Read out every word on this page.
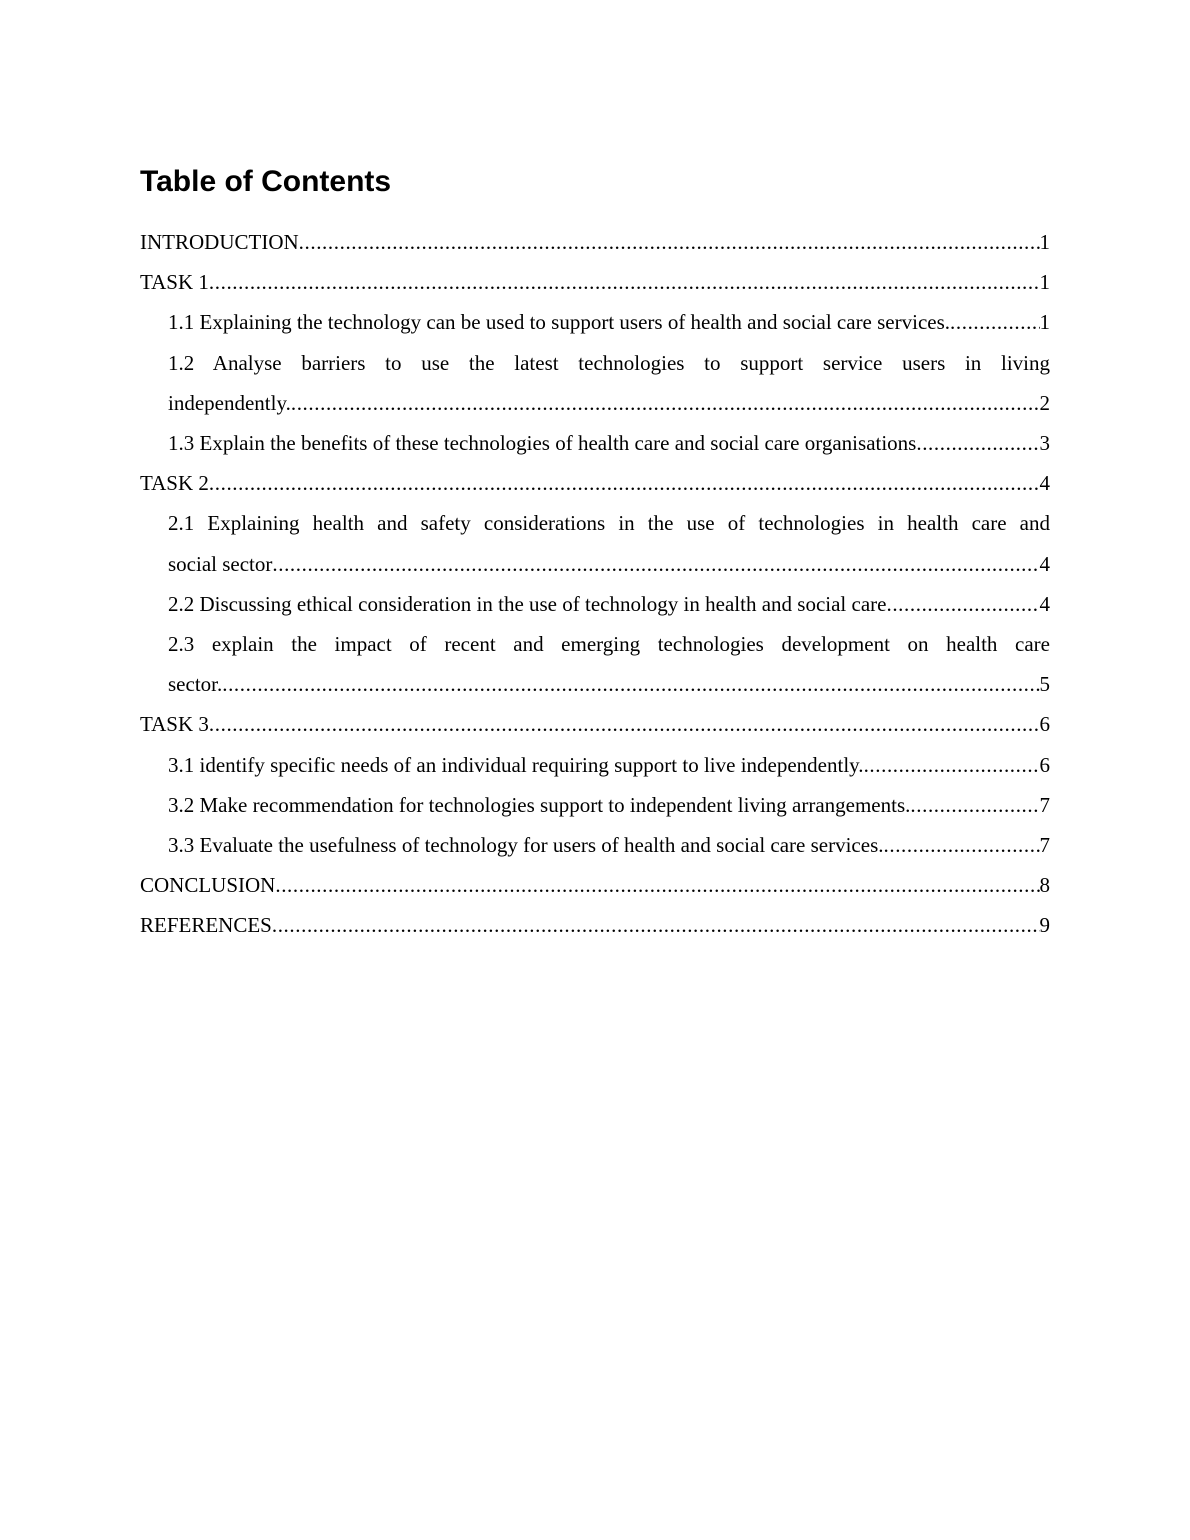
Table of Contents
INTRODUCTION .....	1
TASK 1 .....	1
1.1 Explaining the technology can be used to support users of health and social care services. .....	1
1.2 Analyse barriers to use the latest technologies to support service users in living
independently. .....	2
1.3 Explain the benefits of these technologies of health care and social care organisations .....	3
TASK 2 .....	4
2.1 Explaining health and safety considerations in the use of technologies in health care and
social sector .....	4
2.2 Discussing ethical consideration in the use of technology in health and social care .....	4
2.3 explain the impact of recent and emerging technologies development on health care
sector. .....	5
TASK 3 .....	6
3.1 identify specific needs of an individual requiring support to live independently. .....	6
3.2 Make recommendation for technologies support to independent living arrangements. .....	7
3.3 Evaluate the usefulness of technology for users of health and social care services. .....	7
CONCLUSION .....	8
REFERENCES .....	9
